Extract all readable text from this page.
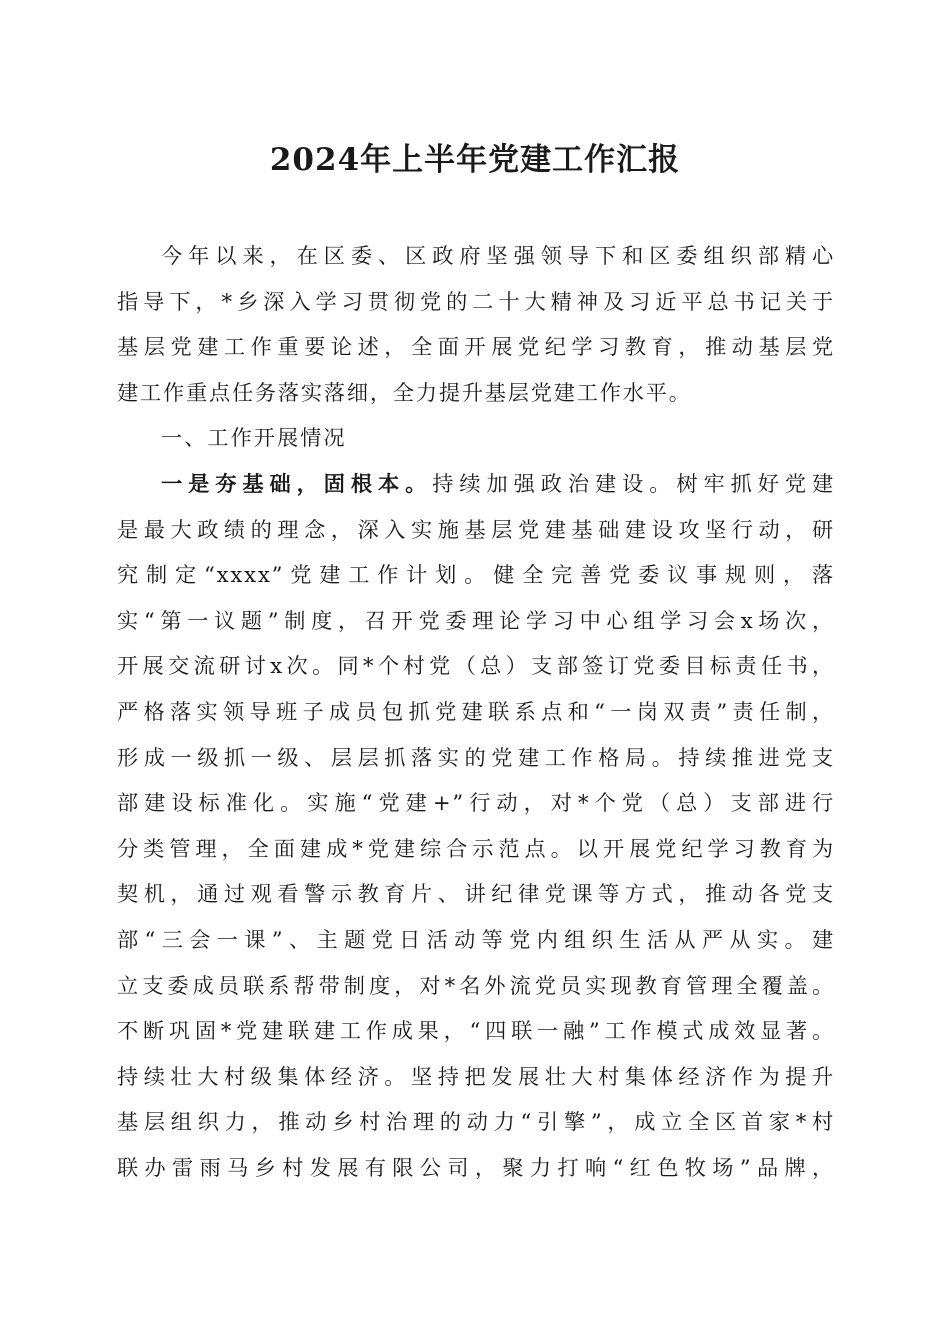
2024年上半年党建工作汇报
今年以来，在区委、区政府坚强领导下和区委组织部精心
指导下，*乡深入学习贯彻党的二十大精神及习近平总书记关于
基层党建工作重要论述，全面开展党纪学习教育，推动基层党
建工作重点任务落实落细，全力提升基层党建工作水平。
一、工作开展情况
一是夯基础，固根本。持续加强政治建设。树牢抓好党建
是最大政绩的理念，深入实施基层党建基础建设攻坚行动，研
究制定“xxxx”党建工作计划。健全完善党委议事规则，落
实“第一议题”制度，召开党委理论学习中心组学习会x场次，
开展交流研讨x次。同*个村党（总）支部签订党委目标责任书，
严格落实领导班子成员包抓党建联系点和“一岗双责”责任制，
形成一级抓一级、层层抓落实的党建工作格局。持续推进党支
部建设标准化。实施“党建+”行动，对*个党（总）支部进行
分类管理，全面建成*党建综合示范点。以开展党纪学习教育为
契机，通过观看警示教育片、讲纪律党课等方式，推动各党支
部“三会一课”、主题党日活动等党内组织生活从严从实。建
立支委成员联系帮带制度，对*名外流党员实现教育管理全覆盖。
不断巩固*党建联建工作成果，“四联一融”工作模式成效显著。
持续壮大村级集体经济。坚持把发展壮大村集体经济作为提升
基层组织力，推动乡村治理的动力“引擎”，成立全区首家*村
联办雷雨马乡村发展有限公司，聚力打响“红色牧场”品牌，
